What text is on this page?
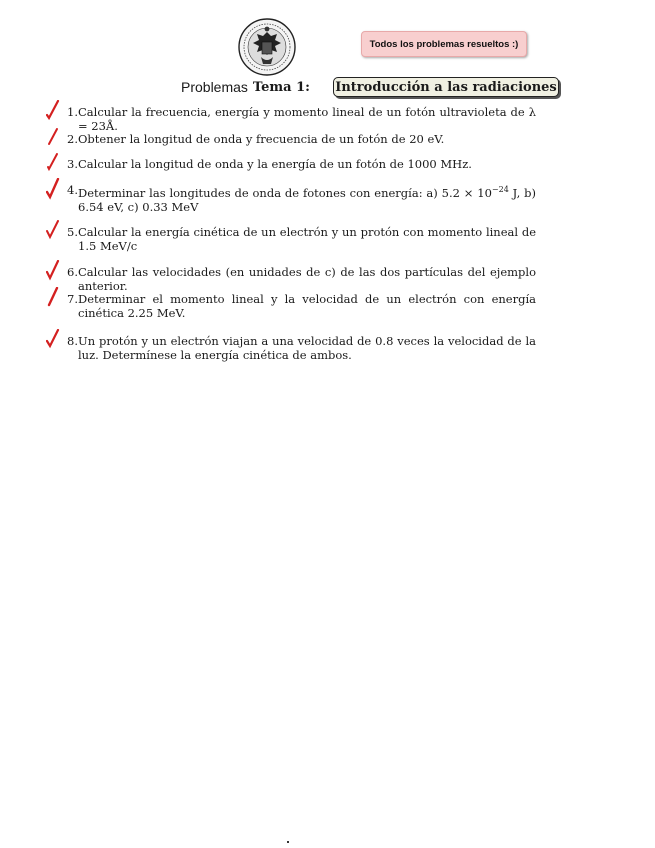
Todos los problemas resueltos :)
Problemas Tema 1: Introducción a las radiaciones
1. Calcular la frecuencia, energía y momento lineal de un fotón ultravioleta de λ = 23Å.
2. Obtener la longitud de onda y frecuencia de un fotón de 20 eV.
3. Calcular la longitud de onda y la energía de un fotón de 1000 MHz.
4. Determinar las longitudes de onda de fotones con energía: a) $5.2 \times 10^{-24}$ J, b) 6.54 eV, c) 0.33 MeV
5. Calcular la energía cinética de un electrón y un protón con momento lineal de 1.5 MeV/c
6. Calcular las velocidades (en unidades de c) de las dos partículas del ejemplo anterior.
7. Determinar el momento lineal y la velocidad de un electrón con energía cinética 2.25 MeV.
8. Un protón y un electrón viajan a una velocidad de 0.8 veces la velocidad de la luz. Determínese la energía cinética de ambos.
